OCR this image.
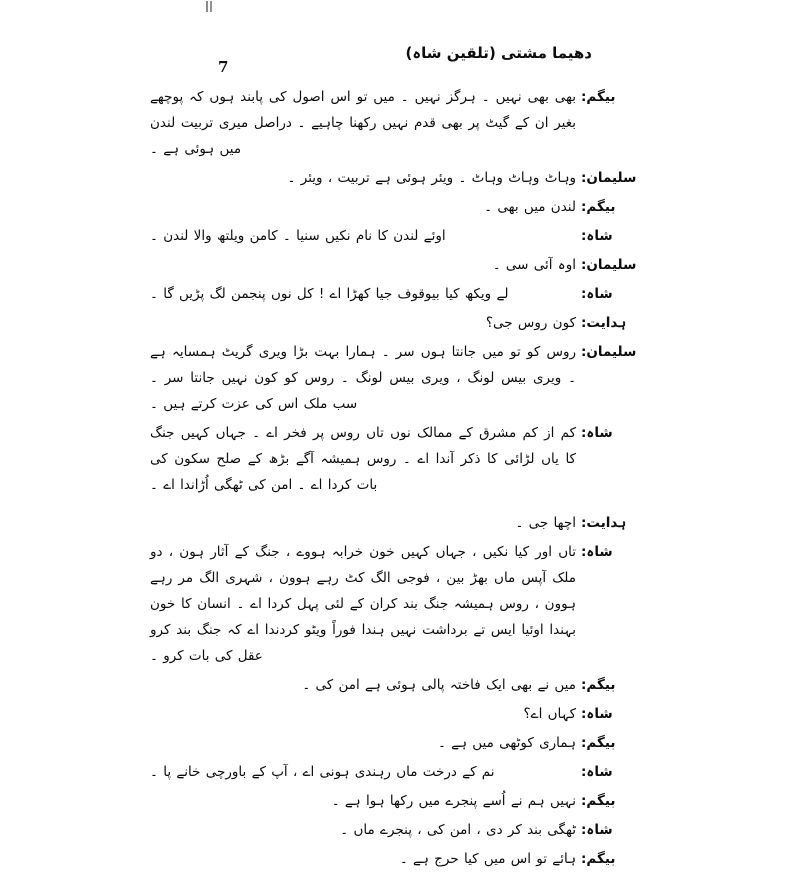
دھیما مشتی (تلقین شاہ)
7
بیگم :
بھی بھی نہیں ۔ ہرگز نہیں ۔ میں تو اس اصول کی پابند ہوں کہ پوچھے بغیر ان کے گیٹ پر بھی قدم نہیں رکھنا چاہیے ۔ دراصل میری تربیت لندن میں ہوئی ہے ۔
سلیمان :
وہاٹ وہاٹ وہاٹ ۔ ویئر ہوئی ہے تربیت ، ویئر ۔
بیگم :
لندن میں بھی ۔
شاہ :
اوئے لندن کا نام نکیں سنیا ۔ کامن ویلتھ والا لندن ۔
سلیمان :
اوہ آئی سی ۔
شاہ :
لے ویکھ کیا بیوقوف جیا کھڑا اے ! کل نوں پنجمن لگ پڑیں گا ۔
ہدایت :
کون روس جی؟
سلیمان :
روس کو تو میں جانتا ہوں سر ۔ ہمارا بہت بڑا ویری گریٹ ہمسایہ ہے ۔ ویری بیس لونگ ، ویری بیس لونگ ۔ روس کو کون نہیں جانتا سر ۔ سب ملک اس کی عزت کرتے ہیں ۔
شاہ :
کم از کم مشرق کے ممالک نوں تاں روس پر فخر اے ۔ جہاں کہیں جنگ کا یاں لڑائی کا ذکر آندا اے ۔ روس ہمیشہ آگے بڑھ کے صلح سکون کی بات کردا اے ۔ امن کی ٹھگی اُڑاندا اے ۔
ہدایت :
اچھا جی ۔
شاہ :
تاں اور کیا نکیں ، جہاں کہیں خون خرابہ ہووے ، جنگ کے آثار ہون ، دو ملک آپس ماں بھڑ بین ، فوجی الگ کٹ رہے ہوون ، شہری الگ مر رہے ہوون ، روس ہمیشہ جنگ بند کران کے لئی پہل کردا اے ۔ انسان کا خون بہندا اوئیا ایس تے برداشت نہیں ہندا فوراً ویٹو کردندا اے کہ جنگ بند کرو عقل کی بات کرو ۔
بیگم :
میں نے بھی ایک فاختہ پالی ہوئی ہے امن کی ۔
شاہ :
کہاں اے؟
بیگم :
ہماری کوٹھی میں ہے ۔
شاہ :
نم کے درخت ماں رہندی ہونی اے ، آپ کے باورچی خانے پا ۔
بیگم :
نہیں ہم نے اُسے پنجرے میں رکھا ہوا ہے ۔
شاہ :
ٹھگی بند کر دی ، امن کی ، پنجرے ماں ۔
بیگم :
ہائے تو اس میں کیا حرج ہے ۔
